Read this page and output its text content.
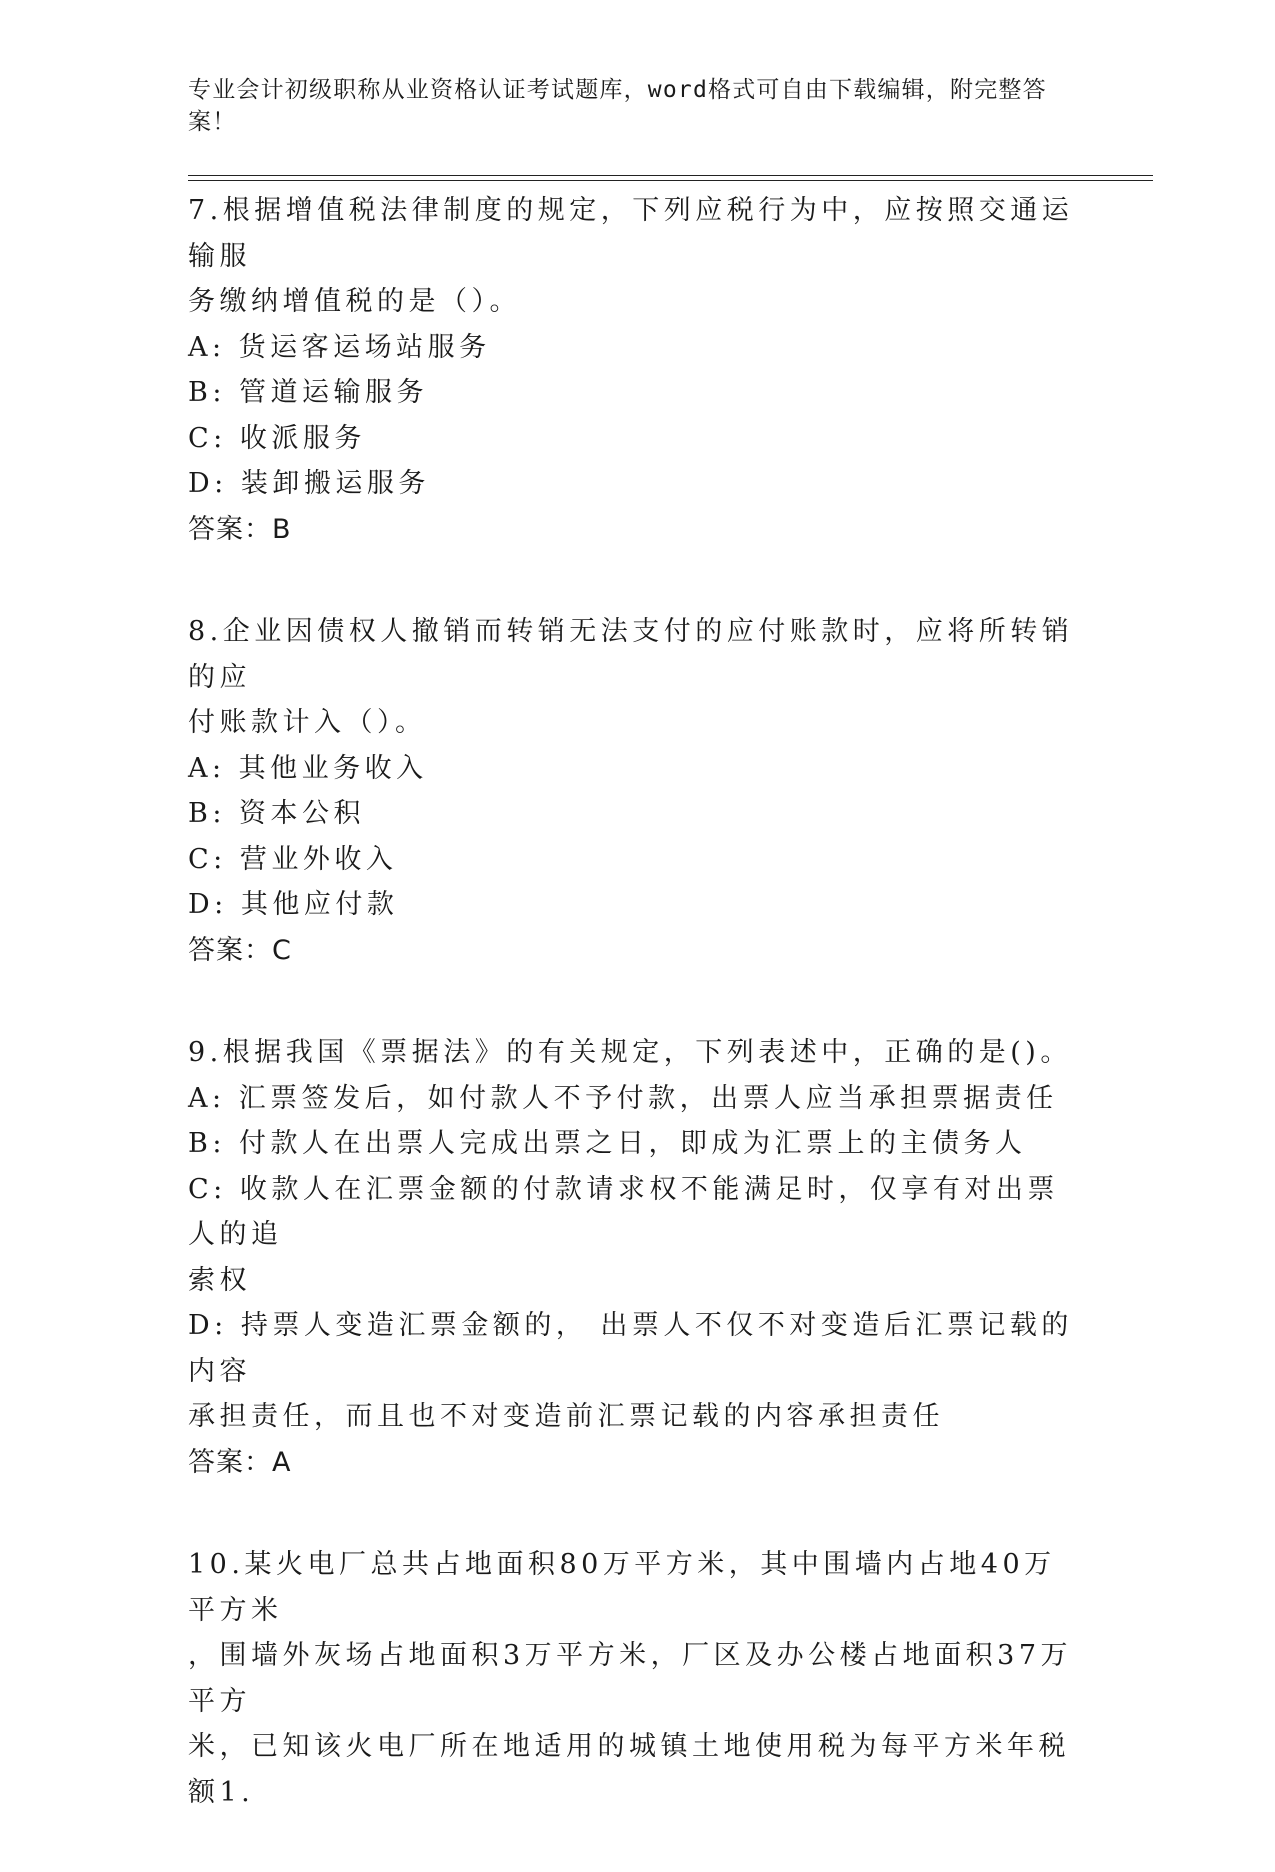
专业会计初级职称从业资格认证考试题库，word格式可自由下载编辑，附完整答案！
7.根据增值税法律制度的规定，下列应税行为中，应按照交通运输服
务缴纳增值税的是（）。
A: 货运客运场站服务
B: 管道运输服务
C: 收派服务
D: 装卸搬运服务
答案：B
8.企业因债权人撤销而转销无法支付的应付账款时，应将所转销的应
付账款计入（）。
A: 其他业务收入
B: 资本公积
C: 营业外收入
D: 其他应付款
答案：C
9.根据我国《票据法》的有关规定，下列表述中，正确的是()。
A: 汇票签发后，如付款人不予付款，出票人应当承担票据责任
B: 付款人在出票人完成出票之日，即成为汇票上的主债务人
C: 收款人在汇票金额的付款请求权不能满足时，仅享有对出票人的追
索权
D: 持票人变造汇票金额的， 出票人不仅不对变造后汇票记载的内容
承担责任，而且也不对变造前汇票记载的内容承担责任
答案：A
10.某火电厂总共占地面积80万平方米，其中围墙内占地40万平方米
，围墙外灰场占地面积3万平方米，厂区及办公楼占地面积37万平方
米，已知该火电厂所在地适用的城镇土地使用税为每平方米年税额1.
